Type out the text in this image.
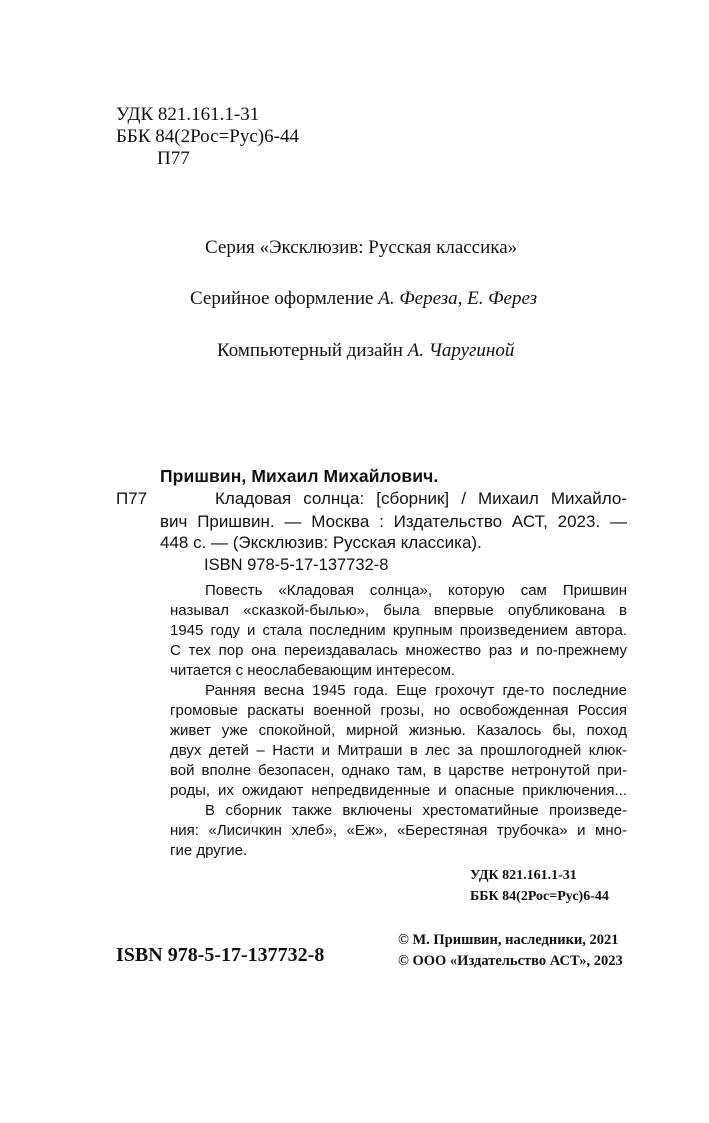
УДК 821.161.1-31
ББК 84(2Рос=Рус)6-44
П77
Серия «Эксклюзив: Русская классика»
Серийное оформление А. Фереза, Е. Ферез
Компьютерный дизайн А. Чаругиной
Пришвин, Михаил Михайлович.
П77	Кладовая солнца: [сборник] / Михаил Михайло-
вич Пришвин. — Москва : Издательство АСТ, 2023. —
448 с. — (Эксклюзив: Русская классика).
ISBN 978-5-17-137732-8
Повесть «Кладовая солнца», которую сам Пришвин
называл «сказкой-былью», была впервые опубликована в
1945 году и стала последним крупным произведением автора.
С тех пор она переиздавалась множество раз и по-прежнему
читается с неослабевающим интересом.
Ранняя весна 1945 года. Еще грохочут где-то последние
громовые раскаты военной грозы, но освобожденная Россия
живет уже спокойной, мирной жизнью. Казалось бы, поход
двух детей – Насти и Митраши в лес за прошлогодней клюк-
вой вполне безопасен, однако там, в царстве нетронутой при-
роды, их ожидают непредвиденные и опасные приключения...
В сборник также включены хрестоматийные произведе-
ния: «Лисичкин хлеб», «Еж», «Берестяная трубочка» и мно-
гие другие.
УДК 821.161.1-31
ББК 84(2Рос=Рус)6-44
ISBN 978-5-17-137732-8
© М. Пришвин, наследники, 2021
© ООО «Издательство АСТ», 2023
